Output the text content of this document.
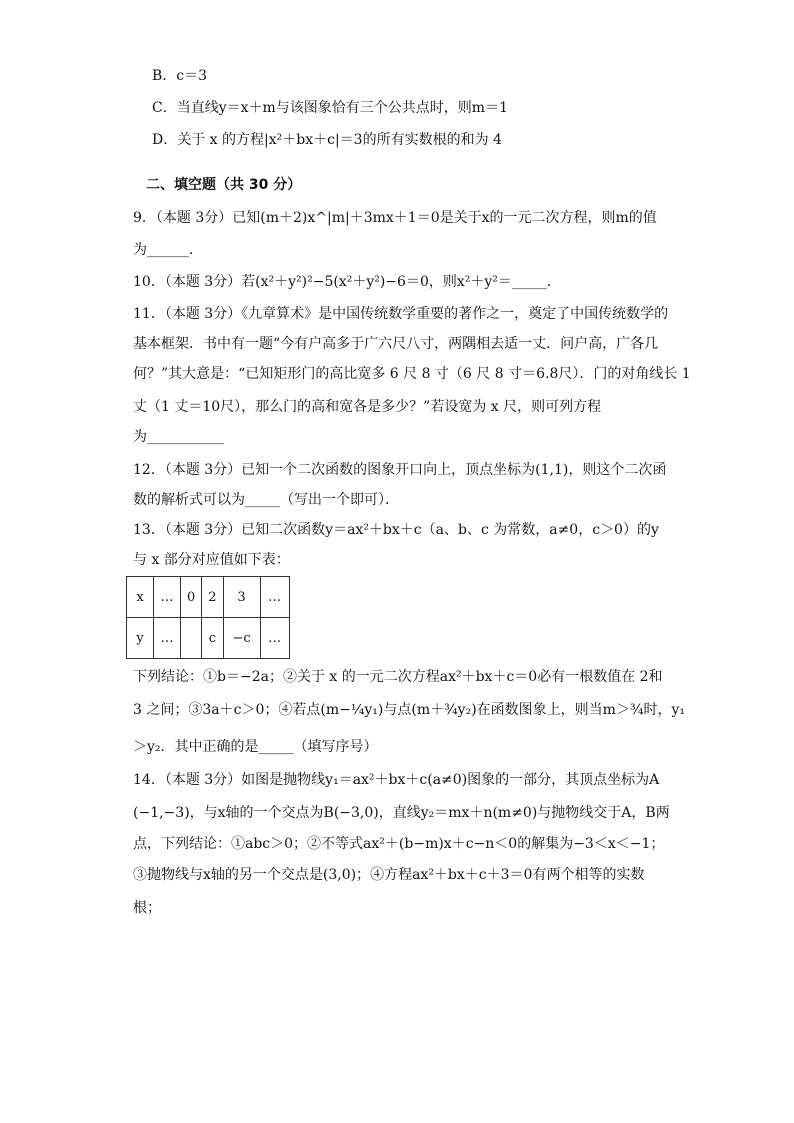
B．c＝3
C．当直线y＝x＋m与该图象恰有三个公共点时，则m＝1
D．关于 x 的方程|x²＋bx＋c|＝3的所有实数根的和为 4
二、填空题（共 30 分）
9．（本题 3分）已知(m＋2)x^|m|＋3mx＋1＝0是关于x的一元二次方程，则m的值
为______．
10．（本题 3分）若(x²＋y²)²−5(x²＋y²)−6＝0，则x²＋y²＝_____．
11．（本题 3分）《九章算术》是中国传统数学重要的著作之一，奠定了中国传统数学的
基本框架．书中有一题“今有户高多于广六尺八寸，两隅相去适一丈．问户高，广各几
何？”其大意是：“已知矩形门的高比宽多 6 尺 8 寸（6 尺 8 寸＝6.8尺）．门的对角线长 1
丈（1 丈＝10尺），那么门的高和宽各是多少？”若设宽为 x 尺，则可列方程
为___________
12．（本题 3分）已知一个二次函数的图象开口向上，顶点坐标为(1,1)，则这个二次函
数的解析式可以为_____（写出一个即可）．
13．（本题 3分）已知二次函数y＝ax²＋bx＋c（a、b、c 为常数，a≠0，c＞0）的y
与 x 部分对应值如下表：
x	…	0	2	3	…
y	…		c	−c	…
下列结论：①b＝−2a；②关于 x 的一元二次方程ax²＋bx＋c＝0必有一根数值在 2和
3 之间；③3a＋c＞0；④若点(m−¼y₁)与点(m＋¾y₂)在函数图象上，则当m＞¾时，y₁
＞y₂．其中正确的是_____（填写序号）
14．（本题 3分）如图是抛物线y₁＝ax²＋bx＋c(a≠0)图象的一部分，其顶点坐标为A
(−1,−3)，与x轴的一个交点为B(−3,0)，直线y₂＝mx＋n(m≠0)与抛物线交于A，B两
点，下列结论：①abc＞0；②不等式ax²＋(b−m)x＋c−n＜0的解集为−3＜x＜−1；
③抛物线与x轴的另一个交点是(3,0)；④方程ax²＋bx＋c＋3＝0有两个相等的实数
根；
